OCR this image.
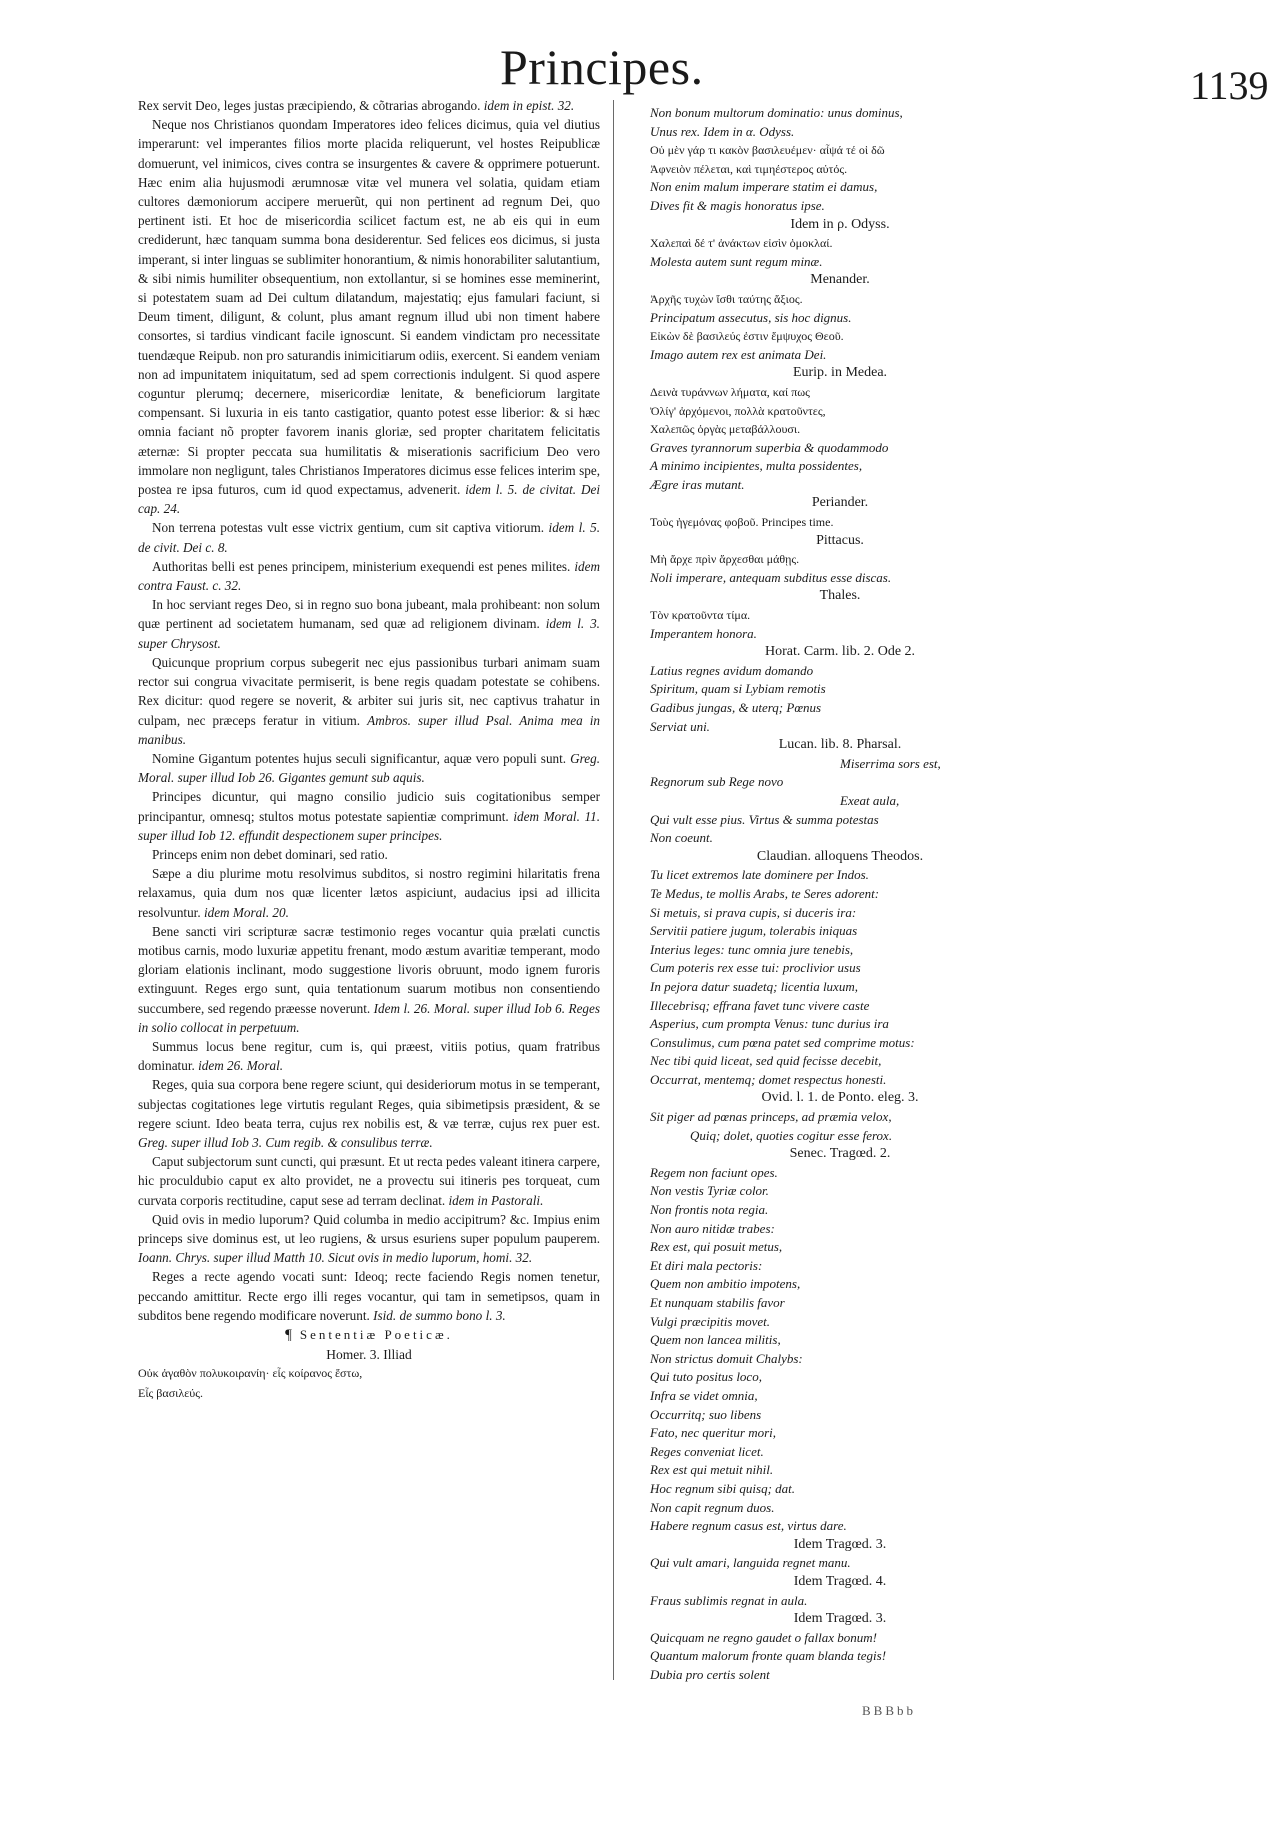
Principes.	1139

Rex servit Deo, leges justas præcipiendo, & cõtrarias abrogando. idem in epist. 32.

Neque nos Christianos quondam Imperatores ideo felices dicimus, quia vel diutius imperarunt: vel imperantes filios morte placida reliquerunt, vel hostes Reipublicæ domuerunt, vel inimicos, cives contra se insurgentes & cavere & opprimere potuerunt. Hæc enim alia hujusmodi ærumnosæ vitæ vel munera vel solatia, quidam etiam cultores dæmoniorum accipere meruerũt, qui non pertinent ad regnum Dei, quo pertinent isti. Et hoc de misericordia scilicet factum est, ne ab eis qui in eum crediderunt, hæc tanquam summa bona desiderentur. Sed felices eos dicimus, si justa imperant, si inter linguas se sublimiter honorantium, & nimis honorabiliter salutantium, & sibi nimis humiliter obsequentium, non extollantur, si se homines esse meminerint, si potestatem suam ad Dei cultum dilatandum, majestatiq; ejus famulari faciunt, si Deum timent, diligunt, & colunt, plus amant regnum illud ubi non timent habere consortes, si tardius vindicant facile ignoscunt. Si eandem vindictam pro necessitate tuendæque Reipub. non pro saturandis inimicitiarum odiis, exercent. Si eandem veniam non ad impunitatem iniquitatum, sed ad spem correctionis indulgent. Si quod aspere coguntur plerumq; decernere, misericordiæ lenitate, & beneficiorum largitate compensant. Si luxuria in eis tanto castigatior, quanto potest esse liberior: & si hæc omnia faciant nõ propter favorem inanis gloriæ, sed propter charitatem felicitatis æternæ: Si propter peccata sua humilitatis & miserationis sacrificium Deo vero immolare non negligunt, tales Christianos Imperatores dicimus esse felices interim spe, postea re ipsa futuros, cum id quod expectamus, advenerit. idem l. 5. de civitat. Dei cap. 24.

Non terrena potestas vult esse victrix gentium, cum sit captiva vitiorum. idem l. 5. de civit. Dei c. 8.

Authoritas belli est penes principem, ministerium exequendi est penes milites. idem contra Faust. c. 32.

In hoc serviant reges Deo, si in regno suo bona jubeant, mala prohibeant: non solum quæ pertinent ad societatem humanam, sed quæ ad religionem divinam. idem l. 3. super Chrysost.

Quicunque proprium corpus subegerit nec ejus passionibus turbari animam suam rector sui congrua vivacitate permiserit, is bene regis quadam potestate se cohibens. Rex dicitur: quod regere se noverit, & arbiter sui juris sit, nec captivus trahatur in culpam, nec præceps feratur in vitium. Ambros. super illud Psal. Anima mea in manibus.

Nomine Gigantum potentes hujus seculi significantur, aquæ vero populi sunt. Greg. Moral. super illud Iob 26. Gigantes gemunt sub aquis.

Principes dicuntur, qui magno consilio judicio suis cogitationibus semper principantur, omnesq; stultos motus potestate sapientiæ comprimunt. idem Moral. 11. super illud Iob 12. effundit despectionem super principes.

Princeps enim non debet dominari, sed ratio.

Sæpe a diu plurime motu resolvimus subditos, si nostro regimini hilaritatis frena relaxamus, quia dum nos quæ licenter lætos aspiciunt, audacius ipsi ad illicita resolvuntur. idem Moral. 20.

Bene sancti viri scripturæ sacræ testimonio reges vocantur quia prælati cunctis motibus carnis, modo luxuriæ appetitu frenant, modo æstum avaritiæ temperant, modo gloriam elationis inclinant, modo suggestione livoris obruunt, modo ignem furoris extinguunt. Reges ergo sunt, quia tentationum suarum motibus non consentiendo succumbere, sed regendo præesse noverunt. Idem l. 26. Moral. super illud Iob 6. Reges in solio collocat in perpetuum.

Summus locus bene regitur, cum is, qui præest, vitiis potius, quam fratribus dominatur. idem 26. Moral.

Reges, quia sua corpora bene regere sciunt, qui desideriorum motus in se temperant, subjectas cogitationes lege virtutis regulant Reges, quia sibimetipsis præsident, & se regere sciunt. Ideo beata terra, cujus rex nobilis est, & væ terræ, cujus rex puer est. Greg. super illud Iob 3. Cum regib. & consulibus terræ.

Caput subjectorum sunt cuncti, qui præsunt. Et ut recta pedes valeant itinera carpere, hic proculdubio caput ex alto providet, ne a provectu sui itineris pes torqueat, cum curvata corporis rectitudine, caput sese ad terram declinat. idem in Pastorali.

Quid ovis in medio luporum? Quid columba in medio accipitrum? &c. Impius enim princeps sive dominus est, ut leo rugiens, & ursus esuriens super populum pauperem. Ioann. Chrys. super illud Matth 10. Sicut ovis in medio luporum, homi. 32.

Reges a recte agendo vocati sunt: Ideoq; recte faciendo Regis nomen tenetur, peccando amittitur. Recte ergo illi reges vocantur, qui tam in semetipsos, quam in subditos bene regendo modificare noverunt. Isid. de summo bono l. 3.

¶ Sententiæ Poeticæ.

Homer. 3. Illiad

Οὐκ ἀγαθὸν πολυκοιρανίη· εἷς κοίρανος ἔστω,

Εἷς βασιλεύς.

Non bonum multorum dominatio: unus dominus,
Unus rex. Idem in α. Odyss.
Οὐ μὲν γάρ τι κακὸν βασιλευέμεν· αἶψά τέ οἱ δῶ
Ἀφνειὸν πέλεται, καὶ τιμηέστερος αὐτός.
Non enim malum imperare statim ei damus,
Dives fit & magis honoratus ipse.
Idem in ρ. Odyss.
Χαλεπαὶ δέ τ' ἀνάκτων εἰσὶν ὁμοκλαί.
Molesta autem sunt regum minæ.
Menander.
Ἀρχῆς τυχὼν ἴσθι ταύτης ἄξιος.
Principatum assecutus, sis hoc dignus.
Εἰκὼν δὲ βασιλεύς ἐστιν ἔμψυχος Θεοῦ.
Imago autem rex est animata Dei.
Eurip. in Medea.
Δεινὰ τυράννων λήματα, καί πως
Ὀλίγ' ἀρχόμενοι, πολλὰ κρατοῦντες,
Χαλεπῶς ὀργὰς μεταβάλλουσι.
Graves tyrannorum superbia & quodammodo
A minimo incipientes, multa possidentes,
Ægre iras mutant.
Periander.
Τοὺς ἡγεμόνας φοβοῦ. Principes time.
Pittacus.
Μὴ ἄρχε πρὶν ἄρχεσθαι μάθῃς.
Noli imperare, antequam subditus esse discas.
Thales.
Τὸν κρατοῦντα τίμα.
Imperantem honora.
Horat. Carm. lib. 2. Ode 2.
Latius regnes avidum domando
Spiritum, quam si Lybiam remotis
Gadibus jungas, & uterq; Pœnus
Serviat uni.
Lucan. lib. 8. Pharsal.
Miserrima sors est,
Regnorum sub Rege novo
Exeat aula,
Qui vult esse pius. Virtus & summa potestas
Non coeunt.
Claudian. alloquens Theodos.
Tu licet extremos late dominere per Indos.
Te Medus, te mollis Arabs, te Seres adorent:
Si metuis, si prava cupis, si duceris ira:
Servitii patiere jugum, tolerabis iniquas
Interius leges: tunc omnia jure tenebis,
Cum poteris rex esse tui: proclivior usus
In pejora datur suadetq; licentia luxum,
Illecebrisq; effrana favet tunc vivere caste
Asperius, cum prompta Venus: tunc durius ira
Consulimus, cum pœna patet sed comprime motus:
Nec tibi quid liceat, sed quid fecisse decebit,
Occurrat, mentemq; domet respectus honesti.
Ovid. l. 1. de Ponto. eleg. 3.
Sit piger ad pœnas princeps, ad præmia velox,
Quiq; dolet, quoties cogitur esse ferox.
Senec. Tragœd. 2.
Regem non faciunt opes.
Non vestis Tyriæ color.
Non frontis nota regia.
Non auro nitidæ trabes:
Rex est, qui posuit metus,
Et diri mala pectoris:
Quem non ambitio impotens,
Et nunquam stabilis favor
Vulgi præcipitis movet.
Quem non lancea militis,
Non strictus domuit Chalybs:
Qui tuto positus loco,
Infra se videt omnia,
Occurritq; suo libens
Fato, nec queritur mori,
Reges conveniat licet.
Rex est qui metuit nihil.
Hoc regnum sibi quisq; dat.
Non capit regnum duos.
Habere regnum casus est, virtus dare.
Idem Tragœd. 3.
Qui vult amari, languida regnet manu.
Idem Tragœd. 4.
Fraus sublimis regnat in aula.
Idem Tragœd. 3.
Quicquam ne regno gaudet o fallax bonum!
Quantum malorum fronte quam blanda tegis!
Dubia pro certis solent
BBBbb
